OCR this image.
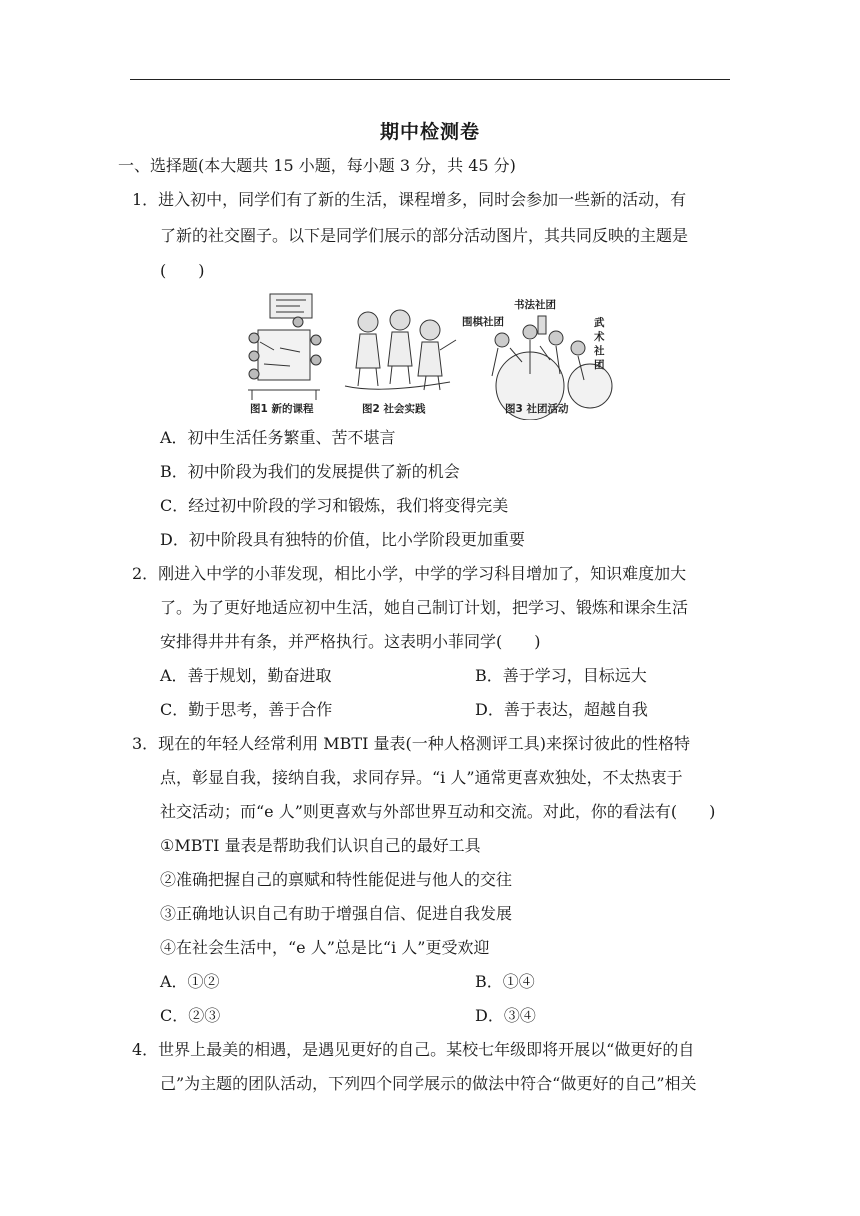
期中检测卷
一、选择题(本大题共 15 小题，每小题 3 分，共 45 分)
1．进入初中，同学们有了新的生活，课程增多，同时会参加一些新的活动，有
了新的社交圈子。以下是同学们展示的部分活动图片，其共同反映的主题是
(　　)
围棋社团
书法社团
武
术
社
团
图1 新的课程	图2 社会实践	图3 社团活动
A．初中生活任务繁重、苦不堪言
B．初中阶段为我们的发展提供了新的机会
C．经过初中阶段的学习和锻炼，我们将变得完美
D．初中阶段具有独特的价值，比小学阶段更加重要
2．刚进入中学的小菲发现，相比小学，中学的学习科目增加了，知识难度加大
了。为了更好地适应初中生活，她自己制订计划，把学习、锻炼和课余生活
安排得井井有条，并严格执行。这表明小菲同学(　　)
A．善于规划，勤奋进取	B．善于学习，目标远大
C．勤于思考，善于合作	D．善于表达，超越自我
3．现在的年轻人经常利用 MBTI 量表(一种人格测评工具)来探讨彼此的性格特
点，彰显自我，接纳自我，求同存异。“i 人”通常更喜欢独处，不太热衷于
社交活动；而“e 人”则更喜欢与外部世界互动和交流。对此，你的看法有(　　)
①MBTI 量表是帮助我们认识自己的最好工具
②准确把握自己的禀赋和特性能促进与他人的交往
③正确地认识自己有助于增强自信、促进自我发展
④在社会生活中，“e 人”总是比“i 人”更受欢迎
A．①②	B．①④
C．②③	D．③④
4．世界上最美的相遇，是遇见更好的自己。某校七年级即将开展以“做更好的自
己”为主题的团队活动，下列四个同学展示的做法中符合“做更好的自己”相关
